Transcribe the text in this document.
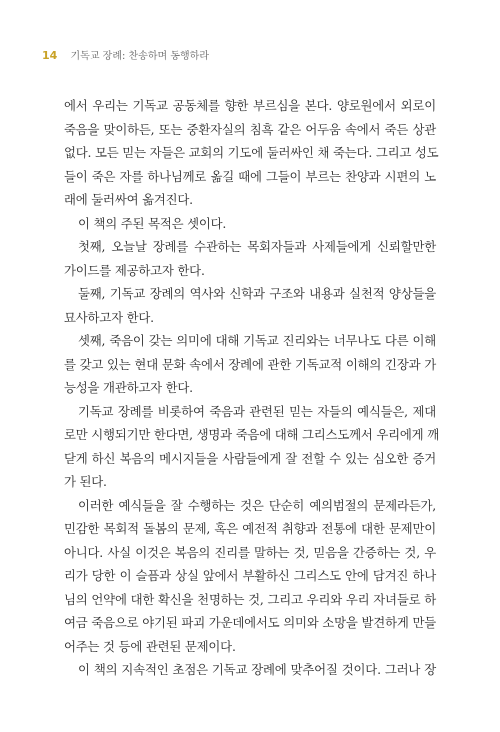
14 기독교 장례: 찬송하며 동행하라
에서 우리는 기독교 공동체를 향한 부르심을 본다. 양로원에서 외로이
죽음을 맞이하든, 또는 중환자실의 침흑 같은 어두움 속에서 죽든 상관
없다. 모든 믿는 자들은 교회의 기도에 둘러싸인 채 죽는다. 그리고 성도
들이 죽은 자를 하나님께로 옮길 때에 그들이 부르는 찬양과 시편의 노
래에 둘러싸여 옮겨진다.
이 책의 주된 목적은 셋이다.
첫째, 오늘날 장례를 수관하는 목회자들과 사제들에게 신뢰할만한
가이드를 제공하고자 한다.
둘째, 기독교 장례의 역사와 신학과 구조와 내용과 실천적 양상들을
묘사하고자 한다.
셋째, 죽음이 갖는 의미에 대해 기독교 진리와는 너무나도 다른 이해
를 갖고 있는 현대 문화 속에서 장례에 관한 기독교적 이해의 긴장과 가
능성을 개관하고자 한다.
기독교 장례를 비롯하여 죽음과 관련된 믿는 자들의 예식들은, 제대
로만 시행되기만 한다면, 생명과 죽음에 대해 그리스도께서 우리에게 깨
닫게 하신 복음의 메시지들을 사람들에게 잘 전할 수 있는 심오한 증거
가 된다.
이러한 예식들을 잘 수행하는 것은 단순히 예의범절의 문제라든가,
민감한 목회적 돌봄의 문제, 혹은 예전적 취향과 전통에 대한 문제만이
아니다. 사실 이것은 복음의 진리를 말하는 것, 믿음을 간증하는 것, 우
리가 당한 이 슬픔과 상실 앞에서 부활하신 그리스도 안에 담겨진 하나
님의 언약에 대한 확신을 천명하는 것, 그리고 우리와 우리 자녀들로 하
여금 죽음으로 야기된 파괴 가운데에서도 의미와 소망을 발견하게 만들
어주는 것 등에 관련된 문제이다.
이 책의 지속적인 초점은 기독교 장례에 맞추어질 것이다. 그러나 장
